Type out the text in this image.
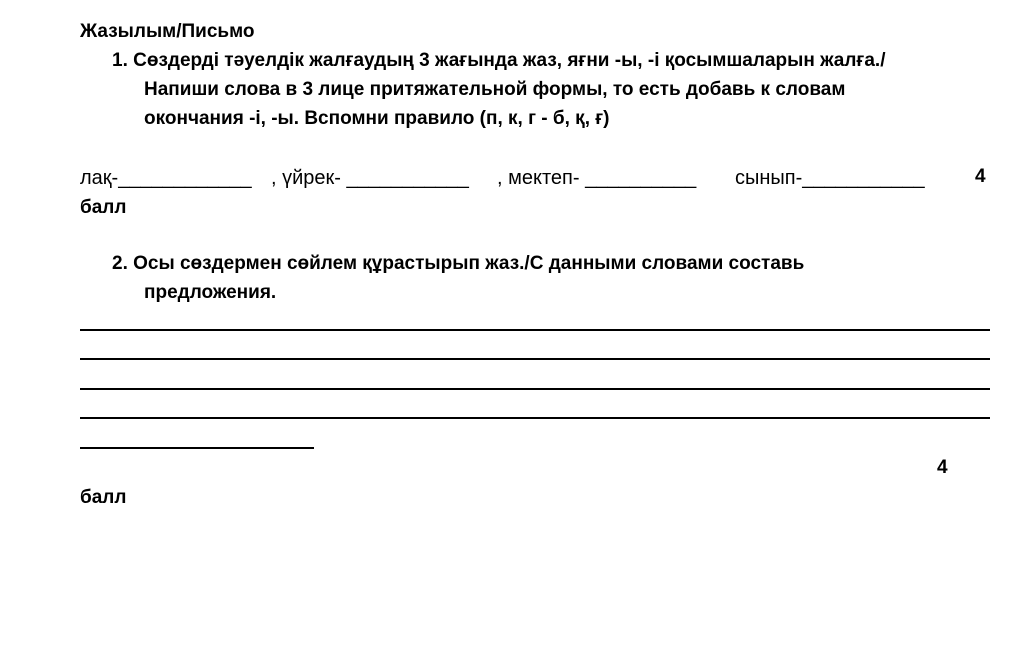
Жазылым/Письмо
1. Сөздерді тәуелдік жалғаудың 3 жағында жаз, яғни -ы, -і қосымшаларын жалға./
Напиши слова в 3 лице притяжательной формы, то есть добавь к словам
окончания -і, -ы. Вспомни правило (п, к, г - б, қ, ғ)
лақ-____________ , үйрек- ___________ , мектеп- __________ сынып-___________	4
балл
2. Осы сөздермен сөйлем құрастырып жаз./С данными словами составь
предложения.
4
балл
